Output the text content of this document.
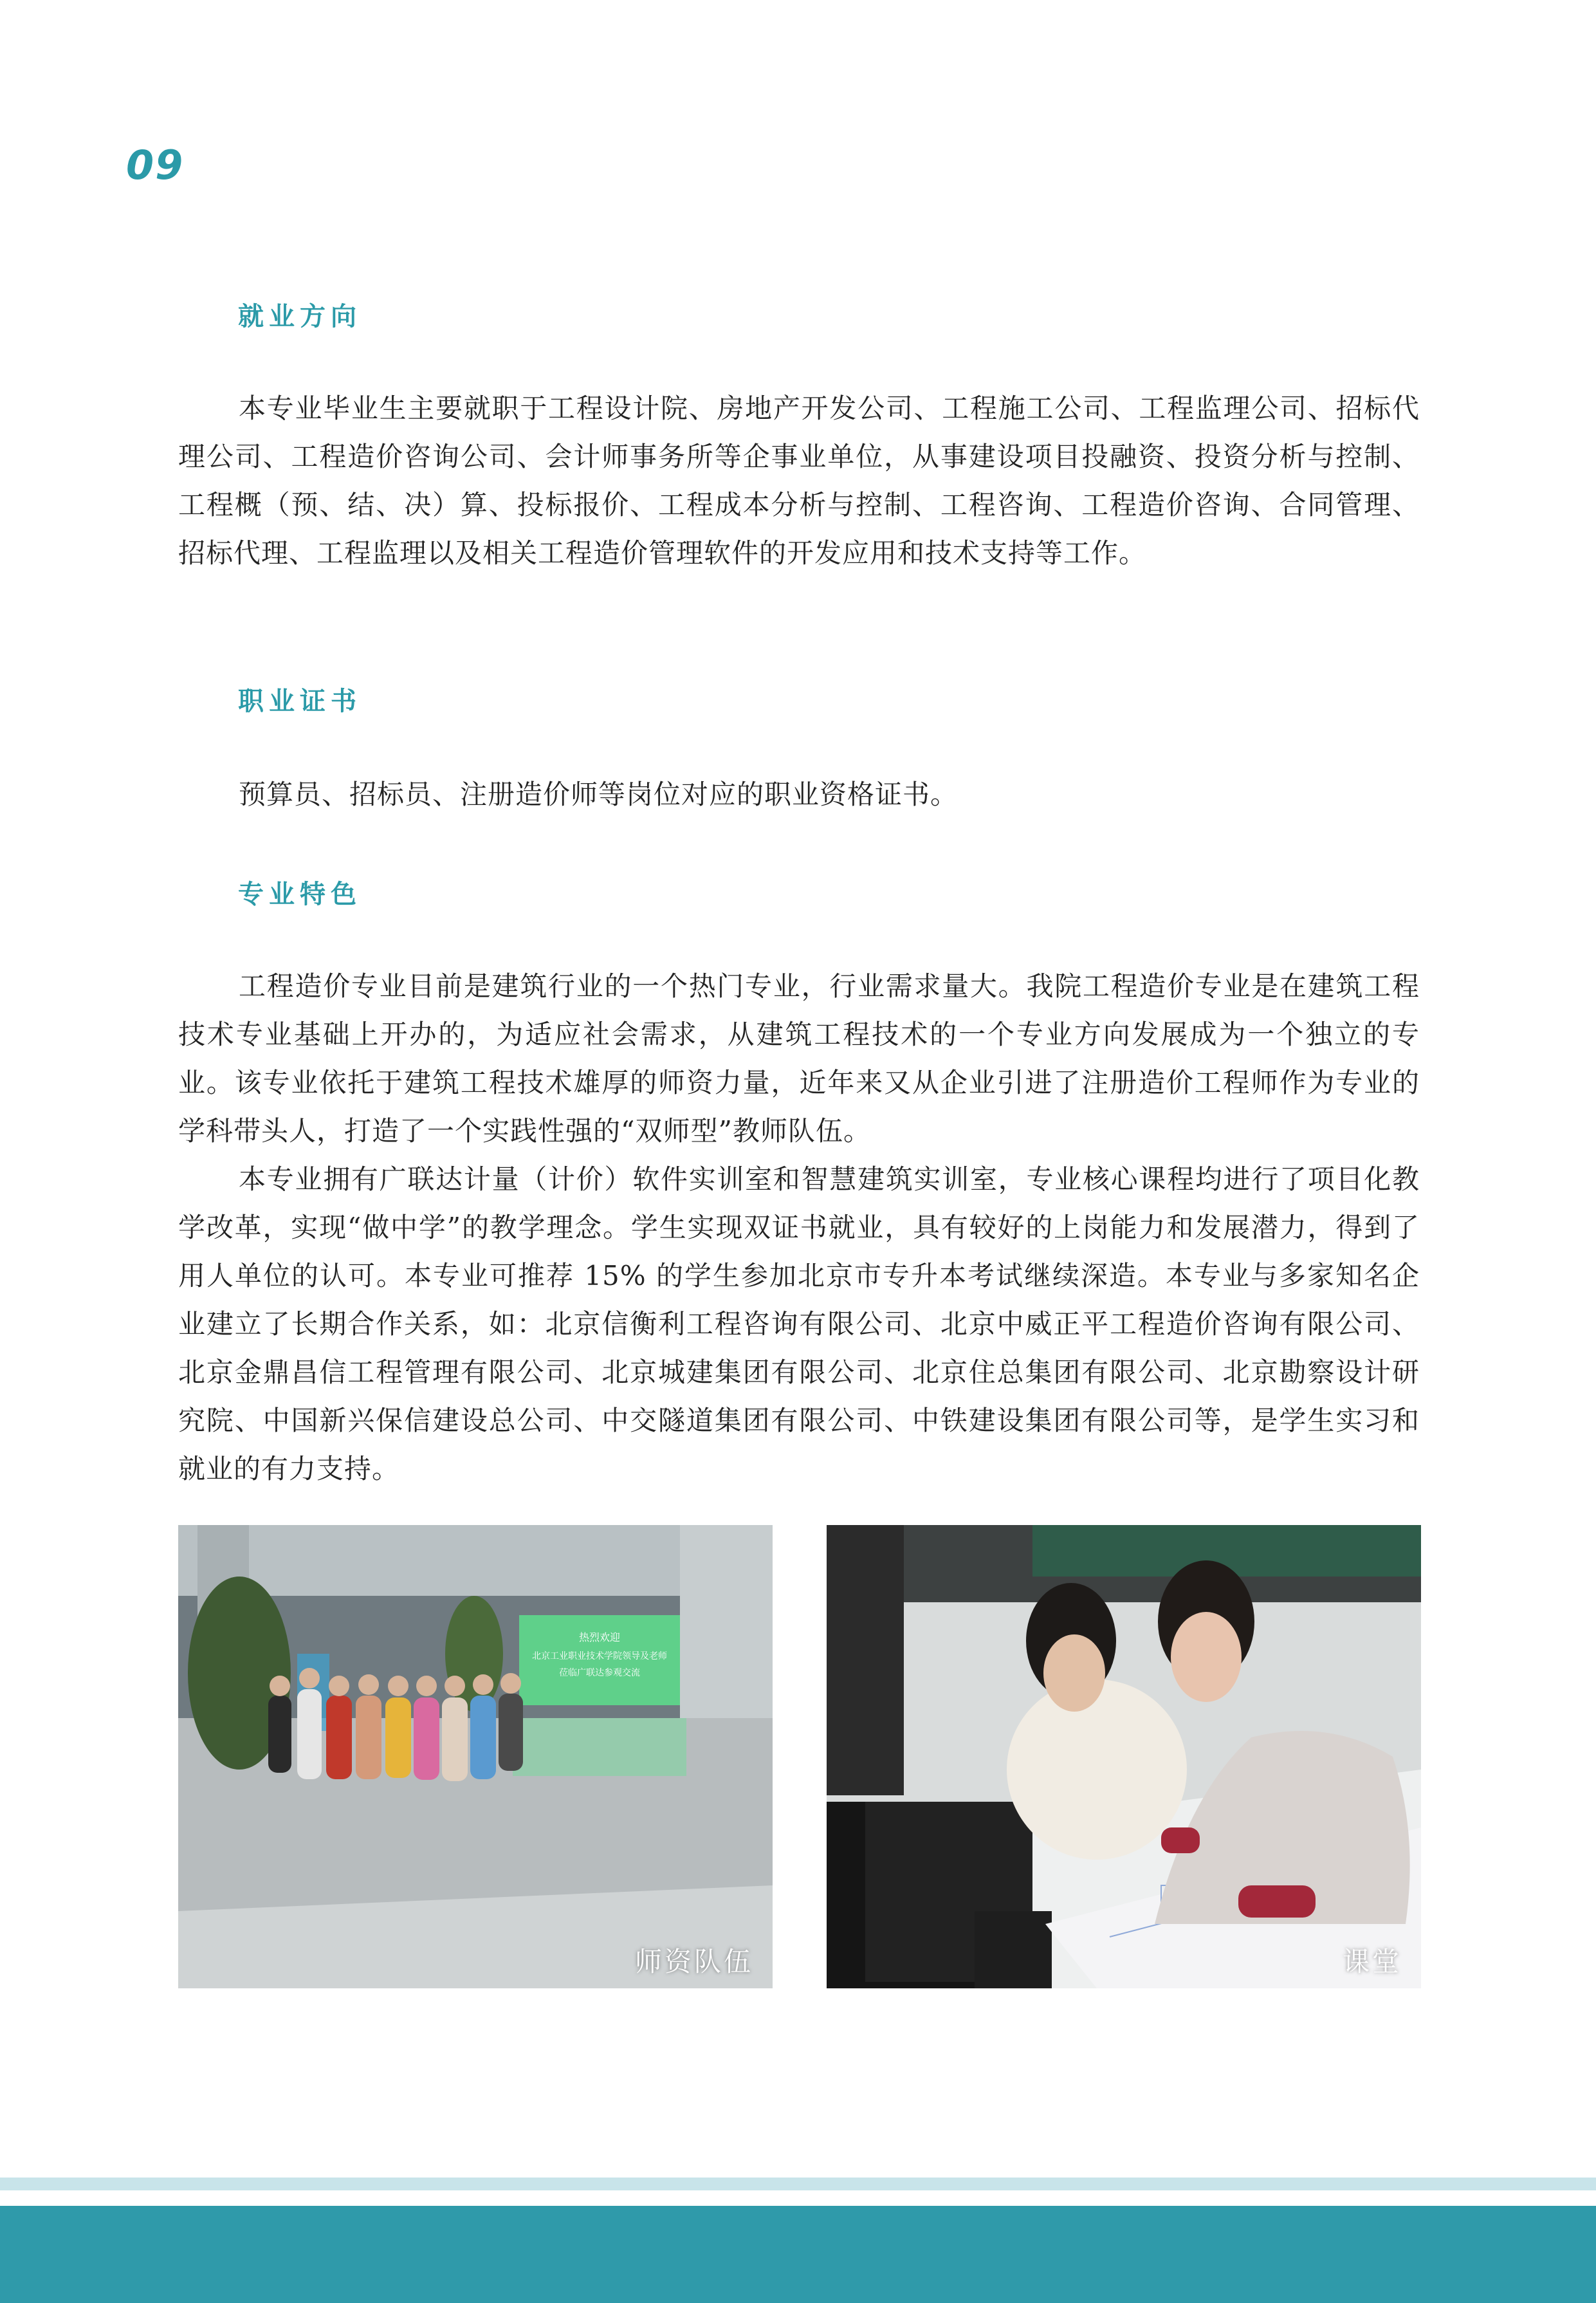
09
就业方向
本专业毕业生主要就职于工程设计院、房地产开发公司、工程施工公司、工程监理公司、招标代理公司、工程造价咨询公司、会计师事务所等企事业单位，从事建设项目投融资、投资分析与控制、工程概（预、结、决）算、投标报价、工程成本分析与控制、工程咨询、工程造价咨询、合同管理、招标代理、工程监理以及相关工程造价管理软件的开发应用和技术支持等工作。
职业证书
预算员、招标员、注册造价师等岗位对应的职业资格证书。
专业特色
工程造价专业目前是建筑行业的一个热门专业，行业需求量大。我院工程造价专业是在建筑工程技术专业基础上开办的，为适应社会需求，从建筑工程技术的一个专业方向发展成为一个独立的专业。该专业依托于建筑工程技术雄厚的师资力量，近年来又从企业引进了注册造价工程师作为专业的学科带头人，打造了一个实践性强的“双师型”教师队伍。
本专业拥有广联达计量（计价）软件实训室和智慧建筑实训室，专业核心课程均进行了项目化教学改革，实现“做中学”的教学理念。学生实现双证书就业，具有较好的上岗能力和发展潜力，得到了用人单位的认可。本专业可推荐 15% 的学生参加北京市专升本考试继续深造。本专业与多家知名企业建立了长期合作关系，如：北京信衡利工程咨询有限公司、北京中威正平工程造价咨询有限公司、北京金鼎昌信工程管理有限公司、北京城建集团有限公司、北京住总集团有限公司、北京勘察设计研究院、中国新兴保信建设总公司、中交隧道集团有限公司、中铁建设集团有限公司等，是学生实习和就业的有力支持。
热烈欢迎
北京工业职业技术学院领导及老师
莅临广联达参观交流
师资队伍	课堂
